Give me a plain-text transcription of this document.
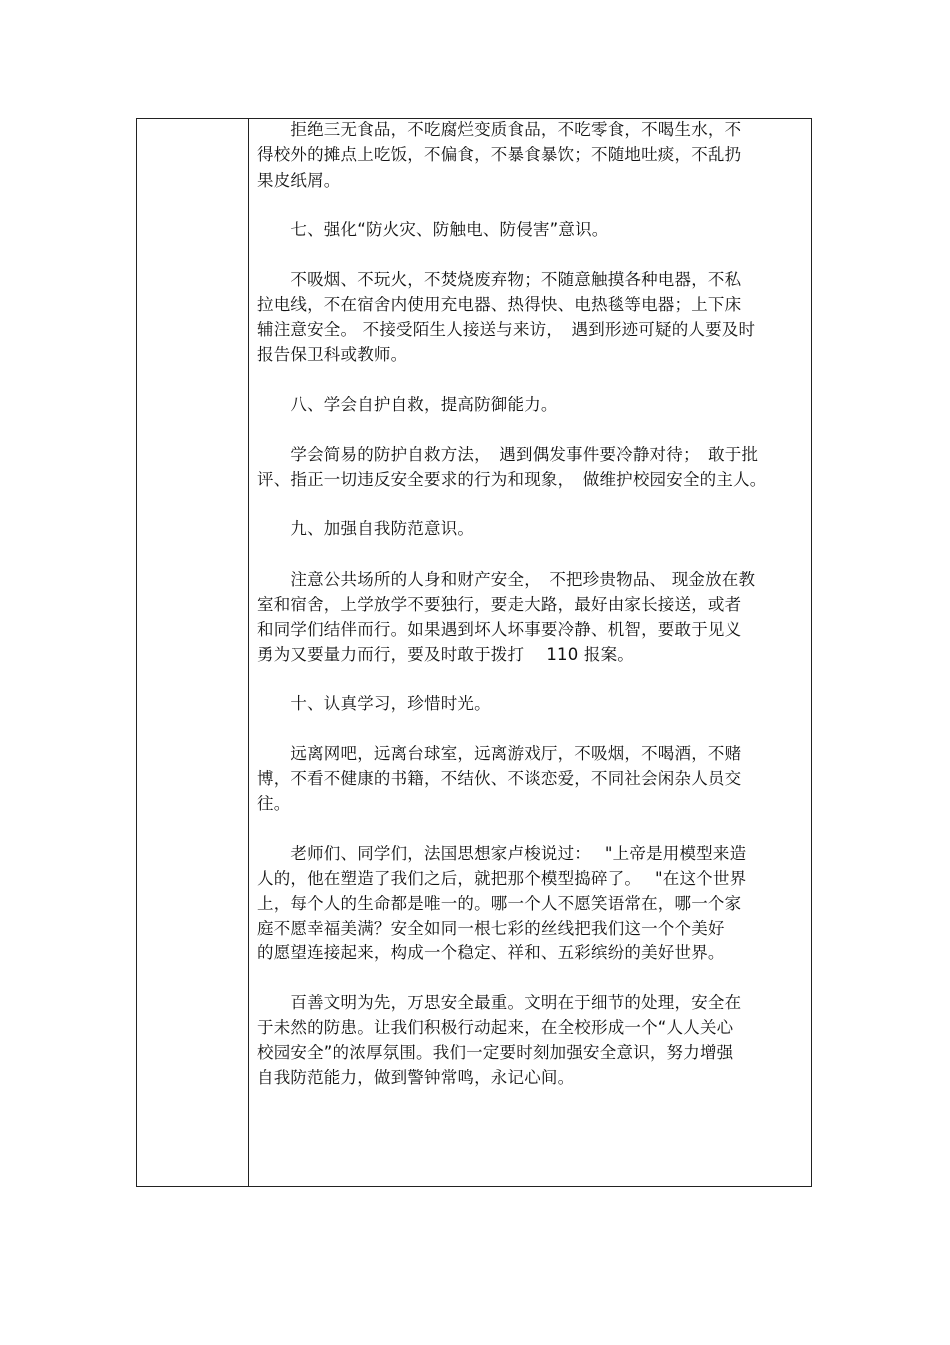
　　拒绝三无食品，不吃腐烂变质食品，不吃零食，不喝生水，不
得校外的摊点上吃饭，不偏食，不暴食暴饮；不随地吐痰，不乱扔
果皮纸屑。
　　七、强化“防火灾、防触电、防侵害”意识。
　　不吸烟、不玩火，不焚烧废弃物；不随意触摸各种电器，不私
拉电线，不在宿舍内使用充电器、热得快、电热毯等电器；上下床
辅注意安全。 不接受陌生人接送与来访，　遇到形迹可疑的人要及时
报告保卫科或教师。
　　八、学会自护自救，提高防御能力。
　　学会简易的防护自救方法，　遇到偶发事件要冷静对待；　敢于批
评、指正一切违反安全要求的行为和现象，　做维护校园安全的主人。
　　九、加强自我防范意识。
　　注意公共场所的人身和财产安全，　不把珍贵物品、 现金放在教
室和宿舍，上学放学不要独行，要走大路，最好由家长接送，或者
和同学们结伴而行。如果遇到坏人坏事要冷静、机智，要敢于见义
勇为又要量力而行，要及时敢于拨打　 110 报案。
　　十、认真学习，珍惜时光。
　　远离网吧，远离台球室，远离游戏厅，不吸烟，不喝酒，不赌
博，不看不健康的书籍，不结伙、不谈恋爱，不同社会闲杂人员交
往。
　　老师们、同学们，法国思想家卢梭说过：　 "上帝是用模型来造
人的，他在塑造了我们之后，就把那个模型捣碎了。　 "在这个世界
上，每个人的生命都是唯一的。哪一个人不愿笑语常在，哪一个家
庭不愿幸福美满？安全如同一根七彩的丝线把我们这一个个美好
的愿望连接起来，构成一个稳定、祥和、五彩缤纷的美好世界。
　　百善文明为先，万思安全最重。文明在于细节的处理，安全在
于未然的防患。让我们积极行动起来，在全校形成一个“人人关心
校园安全”的浓厚氛围。我们一定要时刻加强安全意识，努力增强
自我防范能力，做到警钟常鸣，永记心间。
